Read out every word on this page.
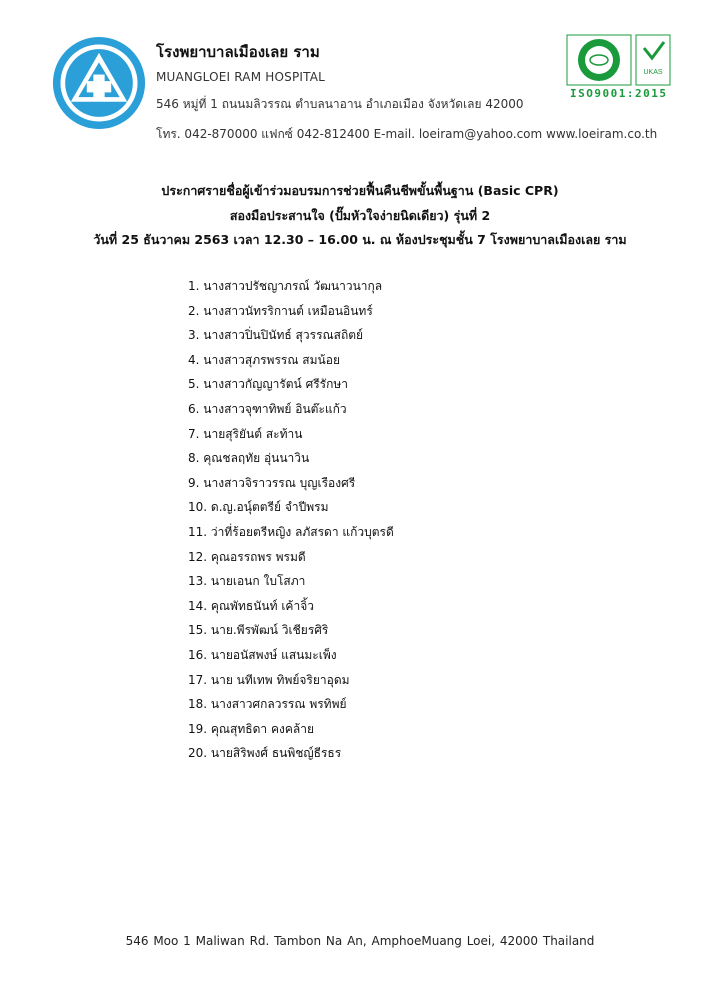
โรงพยาบาลเมืองเลย ราม

MUANGLOEI RAM HOSPITAL

546 หมู่ที่ 1 ถนนมลิวรรณ ตำบลนาอาน อำเภอเมือง จังหวัดเลย 42000

โทร. 042-870000 แฟกซ์ 042-812400 E-mail. loeiram@yahoo.com www.loeiram.co.th

UKAS
ISO9001:2015
ประกาศรายชื่อผู้เข้าร่วมอบรมการช่วยฟื้นคืนชีพขั้นพื้นฐาน (Basic CPR)
สองมือประสานใจ (ปั๊มหัวใจง่ายนิดเดียว) รุ่นที่ 2
วันที่ 25 ธันวาคม 2563 เวลา 12.30 – 16.00 น. ณ ห้องประชุมชั้น 7 โรงพยาบาลเมืองเลย ราม
1. นางสาวปรัชญาภรณ์ วัฒนาวนากุล
2. นางสาวนัทรริกานต์ เหมือนอินทร์
3. นางสาวปิ่นปินัทธ์ สุวรรณสถิตย์
4. นางสาวสุภรพรรณ สมน้อย
5. นางสาวกัญญารัตน์ ศรีรักษา
6. นางสาวจุฑาทิพย์ อินต๊ะแก้ว
7. นายสุริยันต์ สะท้าน
8. คุณชลฤทัย อุ่นนาวิน
9. นางสาวจิราวรรณ บุญเรืองศรี
10. ด.ญ.อนุ์ตตรีย์ จำปีพรม
11. ว่าที่ร้อยตรีหญิง ลภัสรดา แก้วบุตรดี
12. คุณอรรถพร พรมดี
13. นายเอนก ใบโสภา
14. คุณพัทธนันท์ เค้าจิ้ว
15. นาย.พีรพัฒน์ วิเชียรศิริ
16. นายอนัสพงษ์ แสนมะเพ็ง
17. นาย นทีเทพ ทิพย์จริยาอุดม
18. นางสาวศกลวรรณ พรทิพย์
19. คุณสุทธิดา คงคล้าย
20. นายสิริพงศ์ ธนพิชญ์ธีรธร
546 Moo 1 Maliwan Rd. Tambon Na An, AmphoeMuang Loei, 42000 Thailand
